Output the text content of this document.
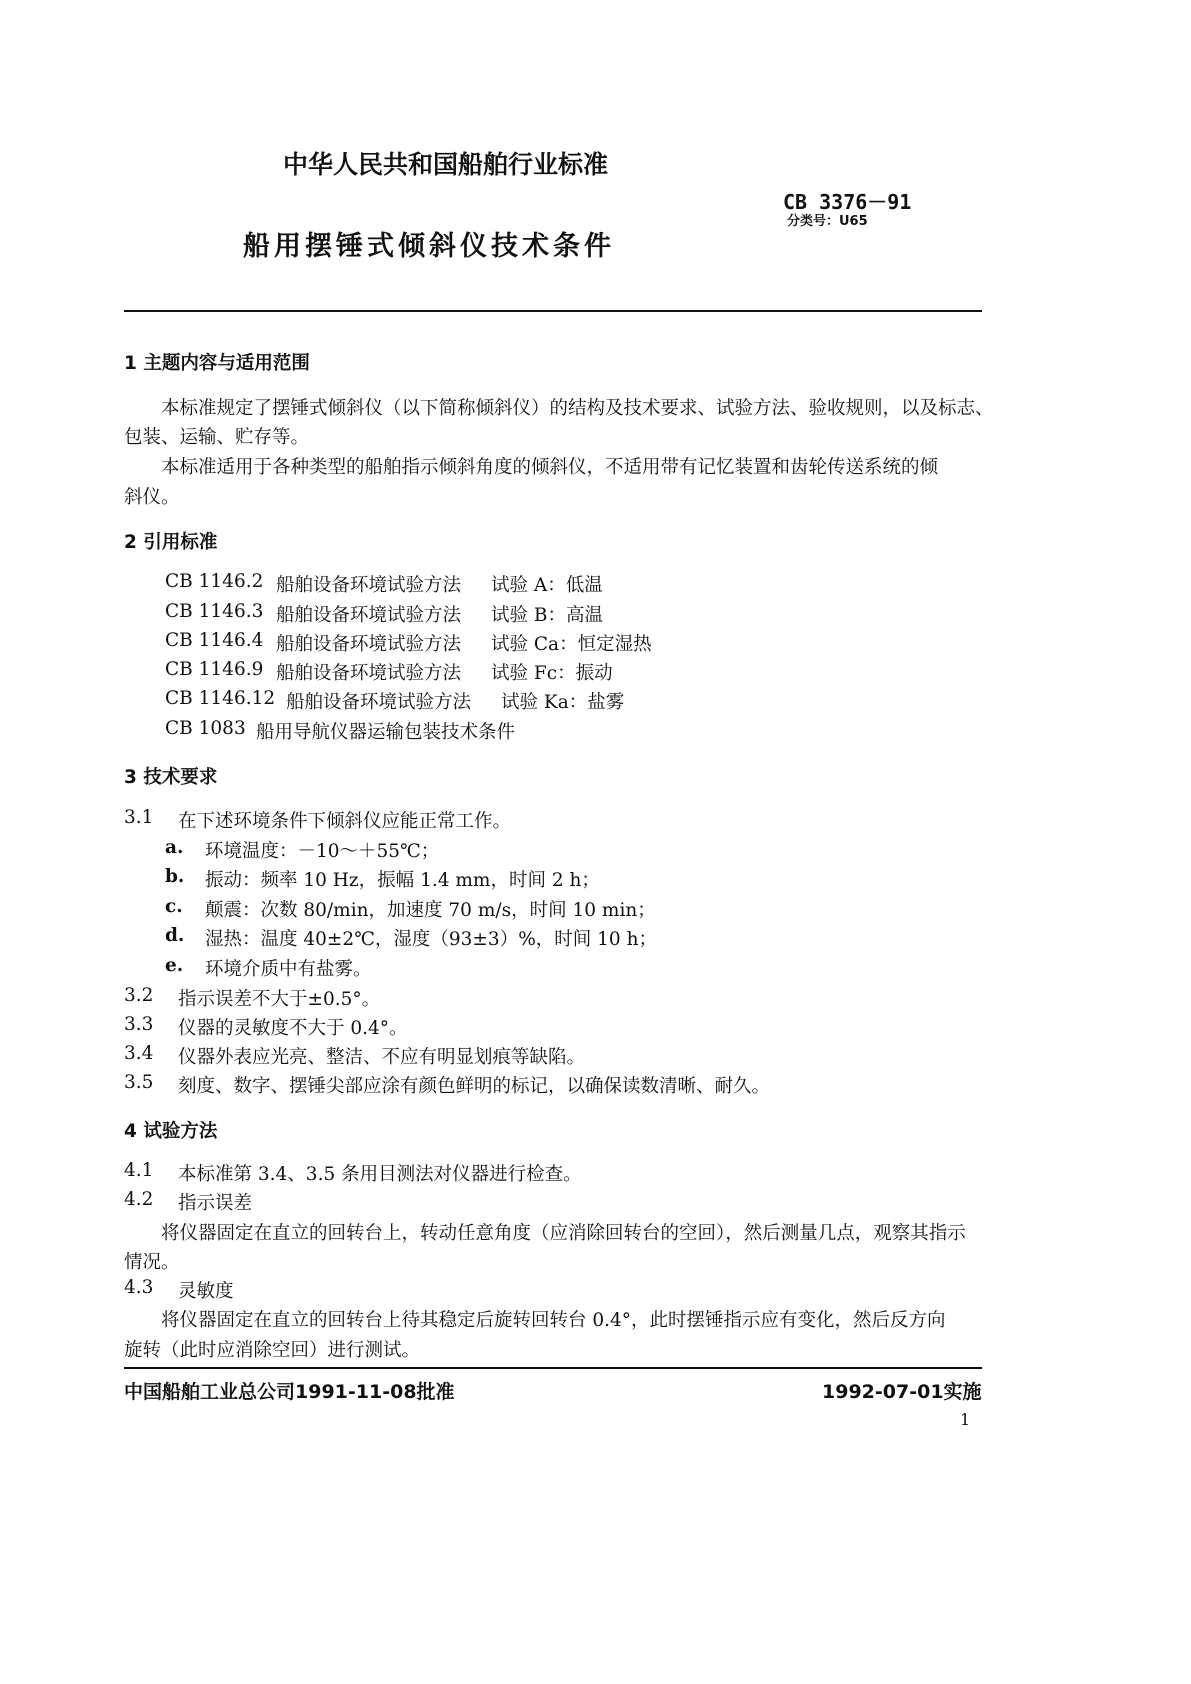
中华人民共和国船舶行业标准
CB 3376－91
分类号：U65
船用摆锤式倾斜仪技术条件
1 主题内容与适用范围
本标准规定了摆锤式倾斜仪（以下简称倾斜仪）的结构及技术要求、试验方法、验收规则，以及标志、
包装、运输、贮存等。
本标准适用于各种类型的船舶指示倾斜角度的倾斜仪，不适用带有记忆装置和齿轮传送系统的倾
斜仪。
2 引用标准
CB 1146.2 船舶设备环境试验方法 试验 A：低温
CB 1146.3 船舶设备环境试验方法 试验 B：高温
CB 1146.4 船舶设备环境试验方法 试验 Ca：恒定湿热
CB 1146.9 船舶设备环境试验方法 试验 Fc：振动
CB 1146.12 船舶设备环境试验方法 试验 Ka：盐雾
CB 1083 船用导航仪器运输包装技术条件
3 技术要求
3.1 在下述环境条件下倾斜仪应能正常工作。
a. 环境温度：－10～＋55℃；
b. 振动：频率 10 Hz，振幅 1.4 mm，时间 2 h；
c. 颠震：次数 80/min，加速度 70 m/s，时间 10 min；
d. 湿热：温度 40±2℃，湿度（93±3）%，时间 10 h；
e. 环境介质中有盐雾。
3.2 指示误差不大于±0.5°。
3.3 仪器的灵敏度不大于 0.4°。
3.4 仪器外表应光亮、整洁、不应有明显划痕等缺陷。
3.5 刻度、数字、摆锤尖部应涂有颜色鲜明的标记，以确保读数清晰、耐久。
4 试验方法
4.1 本标准第 3.4、3.5 条用目测法对仪器进行检查。
4.2 指示误差
将仪器固定在直立的回转台上，转动任意角度（应消除回转台的空回），然后测量几点，观察其指示
情况。
4.3 灵敏度
将仪器固定在直立的回转台上待其稳定后旋转回转台 0.4°，此时摆锤指示应有变化，然后反方向
旋转（此时应消除空回）进行测试。
中国船舶工业总公司1991-11-08批准	1992-07-01实施
1
